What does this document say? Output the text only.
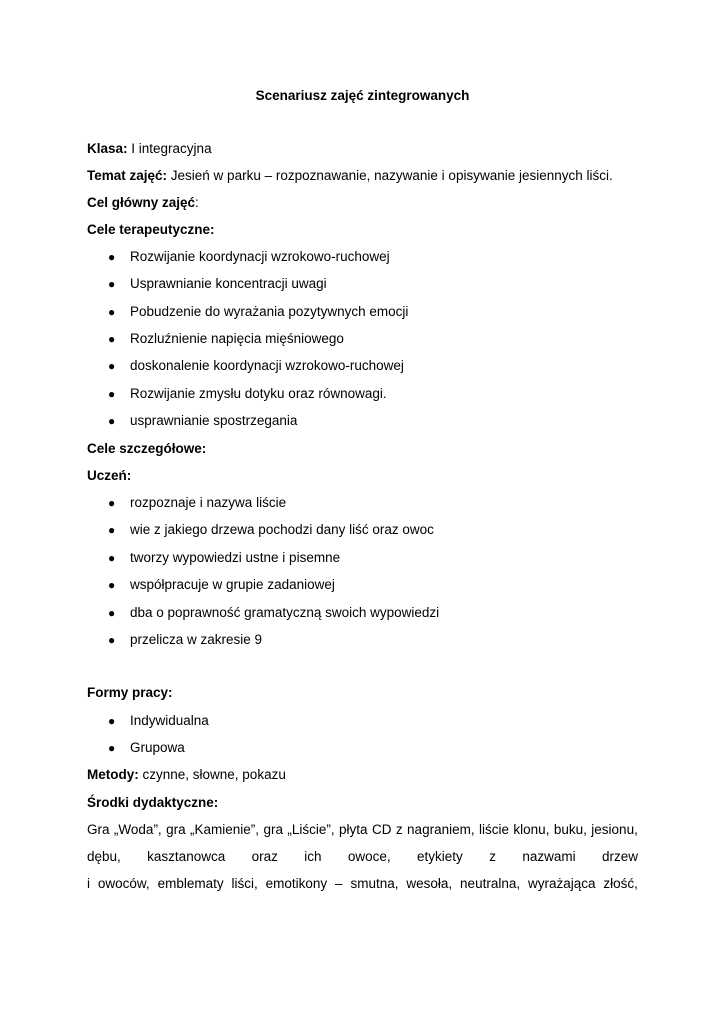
Scenariusz zajęć zintegrowanych
Klasa: I integracyjna
Temat zajęć: Jesień w parku – rozpoznawanie, nazywanie i opisywanie jesiennych liści.
Cel główny zajęć:
Cele terapeutyczne:
● Rozwijanie koordynacji wzrokowo-ruchowej
● Usprawnianie koncentracji uwagi
● Pobudzenie do wyrażania pozytywnych emocji
● Rozluźnienie napięcia mięśniowego
● doskonalenie koordynacji wzrokowo-ruchowej
● Rozwijanie zmysłu dotyku oraz równowagi.
● usprawnianie spostrzegania
Cele szczegółowe:
Uczeń:
● rozpoznaje i nazywa liście
● wie z jakiego drzewa pochodzi dany liść oraz owoc
● tworzy wypowiedzi ustne i pisemne
● współpracuje w grupie zadaniowej
● dba o poprawność gramatyczną swoich wypowiedzi
● przelicza w zakresie 9
Formy pracy:
● Indywidualna
● Grupowa
Metody: czynne, słowne, pokazu
Środki dydaktyczne:
Gra „Woda”, gra „Kamienie”, gra „Liście”, płyta CD z nagraniem, liście klonu, buku, jesionu,
dębu, kasztanowca oraz ich owoce, etykiety z nazwami drzew
i owoców, emblematy liści, emotikony – smutna, wesoła, neutralna, wyrażająca złość,
